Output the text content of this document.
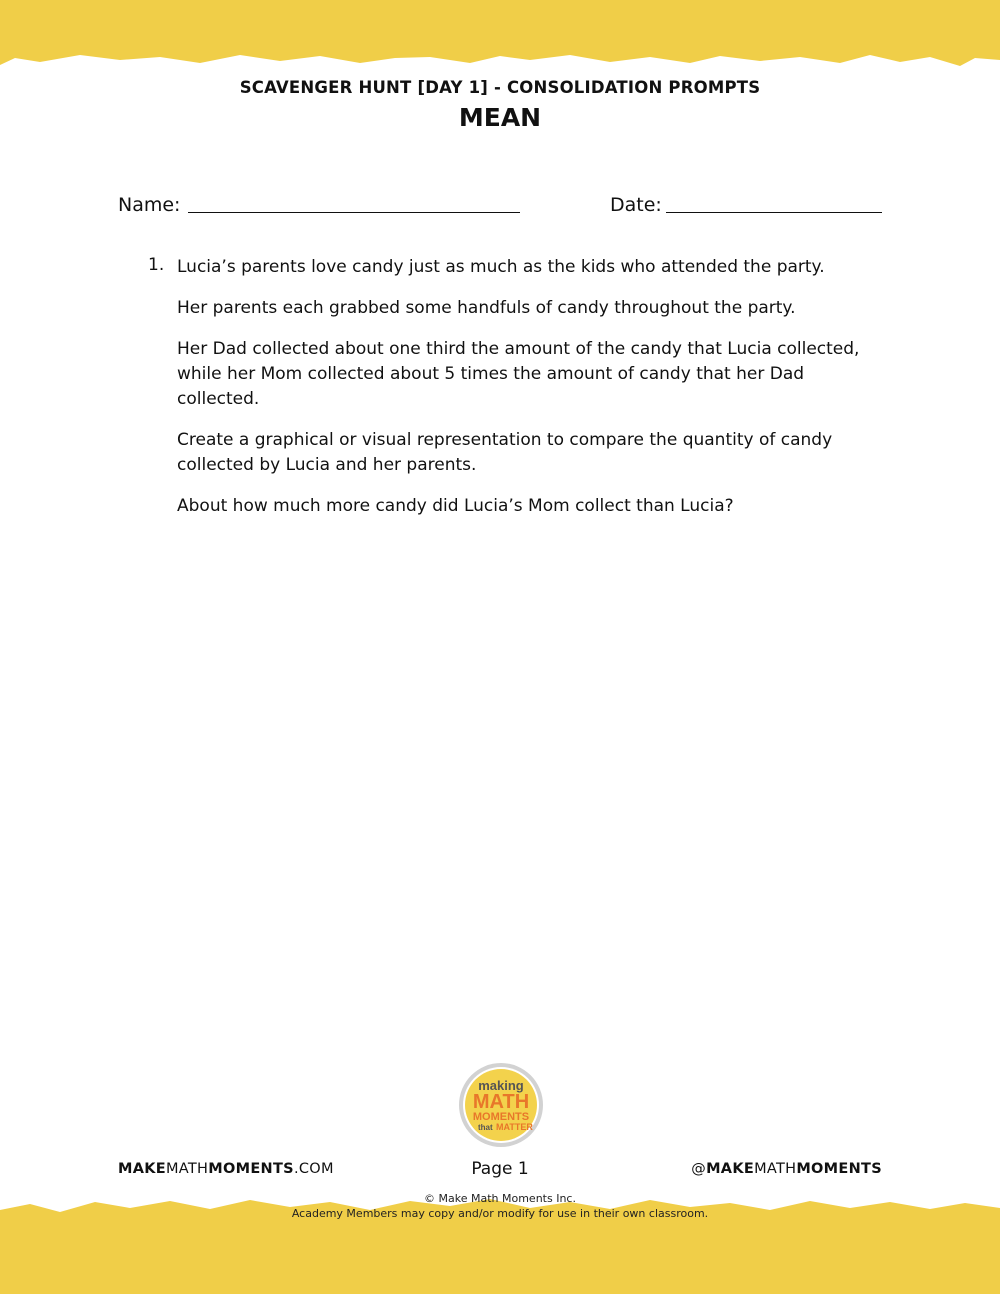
SCAVENGER HUNT [DAY 1] - CONSOLIDATION PROMPTS
MEAN
Name:	Date:
1. Lucia’s parents love candy just as much as the kids who attended the party.

Her parents each grabbed some handfuls of candy throughout the party.

Her Dad collected about one third the amount of the candy that Lucia collected, while her Mom collected about 5 times the amount of candy that her Dad collected.

Create a graphical or visual representation to compare the quantity of candy collected by Lucia and her parents.

About how much more candy did Lucia’s Mom collect than Lucia?

making
MATH
MOMENTS
that MATTER
MAKEMATHMOMENTS.COM	Page 1	@MAKEMATHMOMENTS
© Make Math Moments Inc.
Academy Members may copy and/or modify for use in their own classroom.
